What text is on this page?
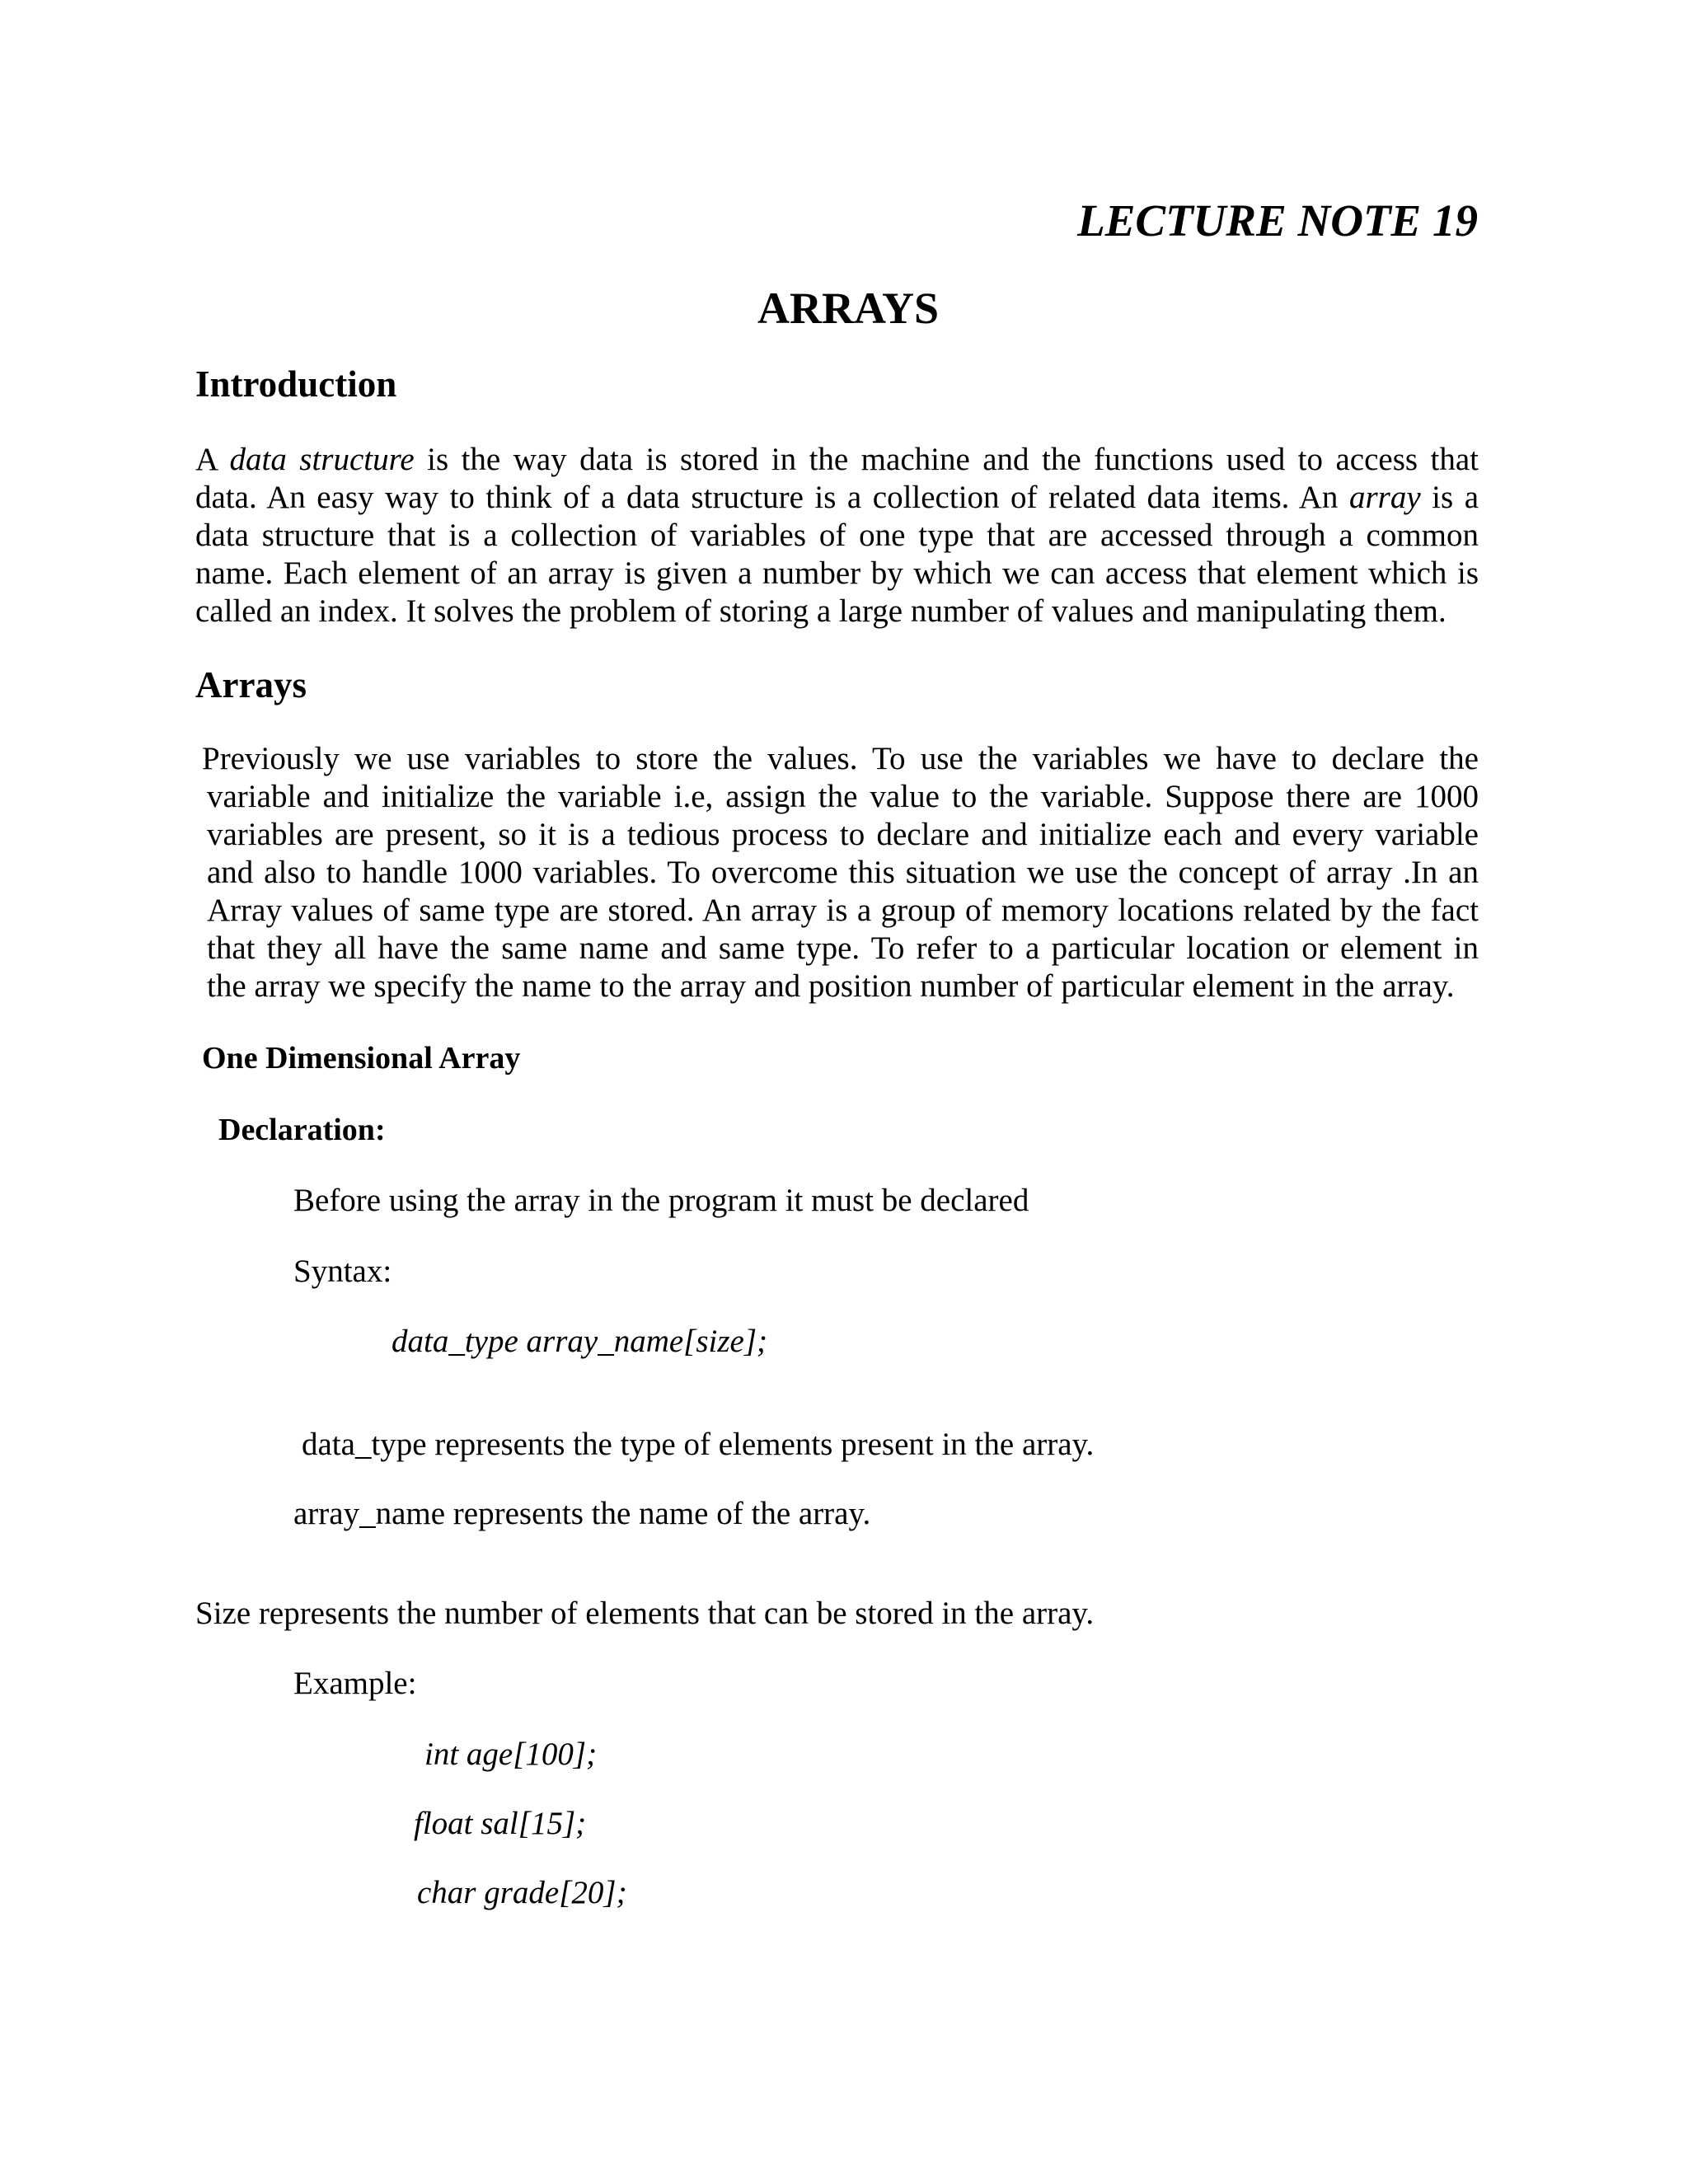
LECTURE NOTE 19

ARRAYS
Introduction
A data structure is the way data is stored in the machine and the functions used to access that
data. An easy way to think of a data structure is a collection of related data items. An array is a
data structure that is a collection of variables of one type that are accessed through a common
name. Each element of an array is given a number by which we can access that element which is
called an index. It solves the problem of storing a large number of values and manipulating them.
Arrays
Previously we use variables to store the values. To use the variables we have to declare the
variable and initialize the variable i.e, assign the value to the variable. Suppose there are 1000
variables are present, so it is a tedious process to declare and initialize each and every variable
and also to handle 1000 variables. To overcome this situation we use the concept of array .In an
Array values of same type are stored. An array is a group of memory locations related by the fact
that they all have the same name and same type. To refer to a particular location or element in
the array we specify the name to the array and position number of particular element in the array.
One Dimensional Array
Declaration:

Before using the array in the program it must be declared

Syntax:

data_type array_name[size];

data_type represents the type of elements present in the array.

array_name represents the name of the array.

Size represents the number of elements that can be stored in the array.

Example:

int age[100];

float sal[15];

char grade[20];
